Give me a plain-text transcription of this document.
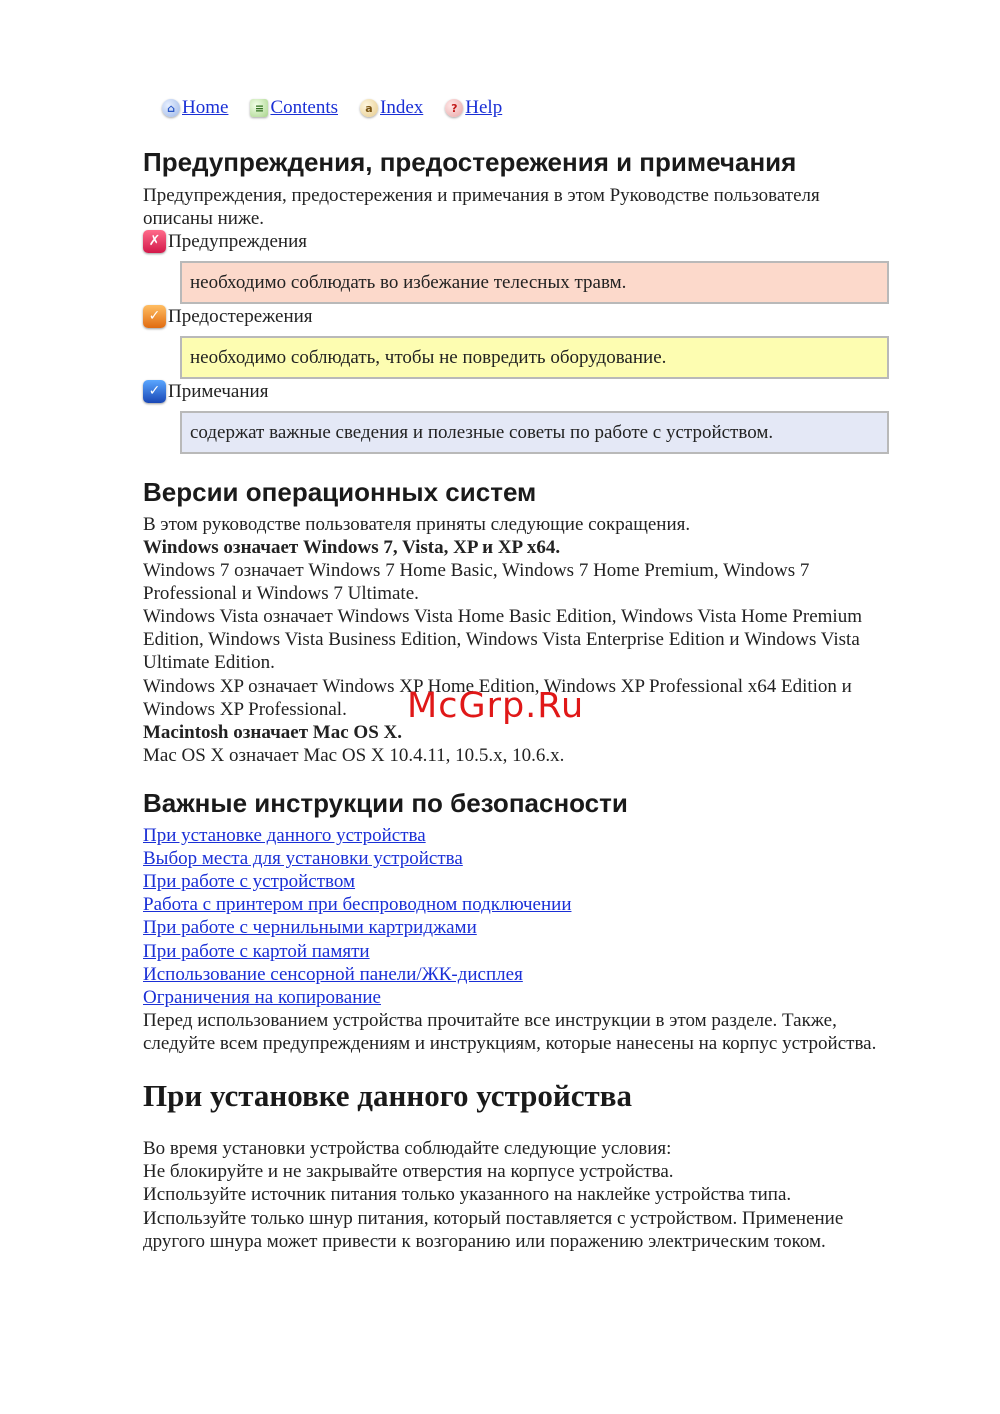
⌂ Home	≡ Contents	a Index	? Help
Предупреждения, предостережения и примечания

Предупреждения, предостережения и примечания в этом Руководстве пользователя

описаны ниже.

✗ Предупреждения
необходимо соблюдать во избежание телесных травм.
✓ Предостережения
необходимо соблюдать, чтобы не повредить оборудование.
✓ Примечания
содержат важные сведения и полезные советы по работе с устройством.
Версии операционных систем

В этом руководстве пользователя приняты следующие сокращения.

Windows означает Windows 7, Vista, XP и XP x64.

Windows 7 означает Windows 7 Home Basic, Windows 7 Home Premium, Windows 7

Professional и Windows 7 Ultimate.

Windows Vista означает Windows Vista Home Basic Edition, Windows Vista Home Premium

Edition, Windows Vista Business Edition, Windows Vista Enterprise Edition и Windows Vista

Ultimate Edition.

Windows XP означает Windows XP Home Edition, Windows XP Professional x64 Edition и

Windows XP Professional.

Macintosh означает Mac OS X.

Mac OS X означает Mac OS X 10.4.11, 10.5.x, 10.6.x.

Важные инструкции по безопасности

При установке данного устройства

Выбор места для установки устройства

При работе с устройством

Работа с принтером при беспроводном подключении

При работе с чернильными картриджами

При работе с картой памяти

Использование сенсорной панели/ЖК-дисплея

Ограничения на копирование

Перед использованием устройства прочитайте все инструкции в этом разделе. Также,

следуйте всем предупреждениям и инструкциям, которые нанесены на корпус устройства.

При установке данного устройства

Во время установки устройства соблюдайте следующие условия:

Не блокируйте и не закрывайте отверстия на корпусе устройства.

Используйте источник питания только указанного на наклейке устройства типа.

Используйте только шнур питания, который поставляется с устройством. Применение

другого шнура может привести к возгоранию или поражению электрическим током.

McGrp.Ru
